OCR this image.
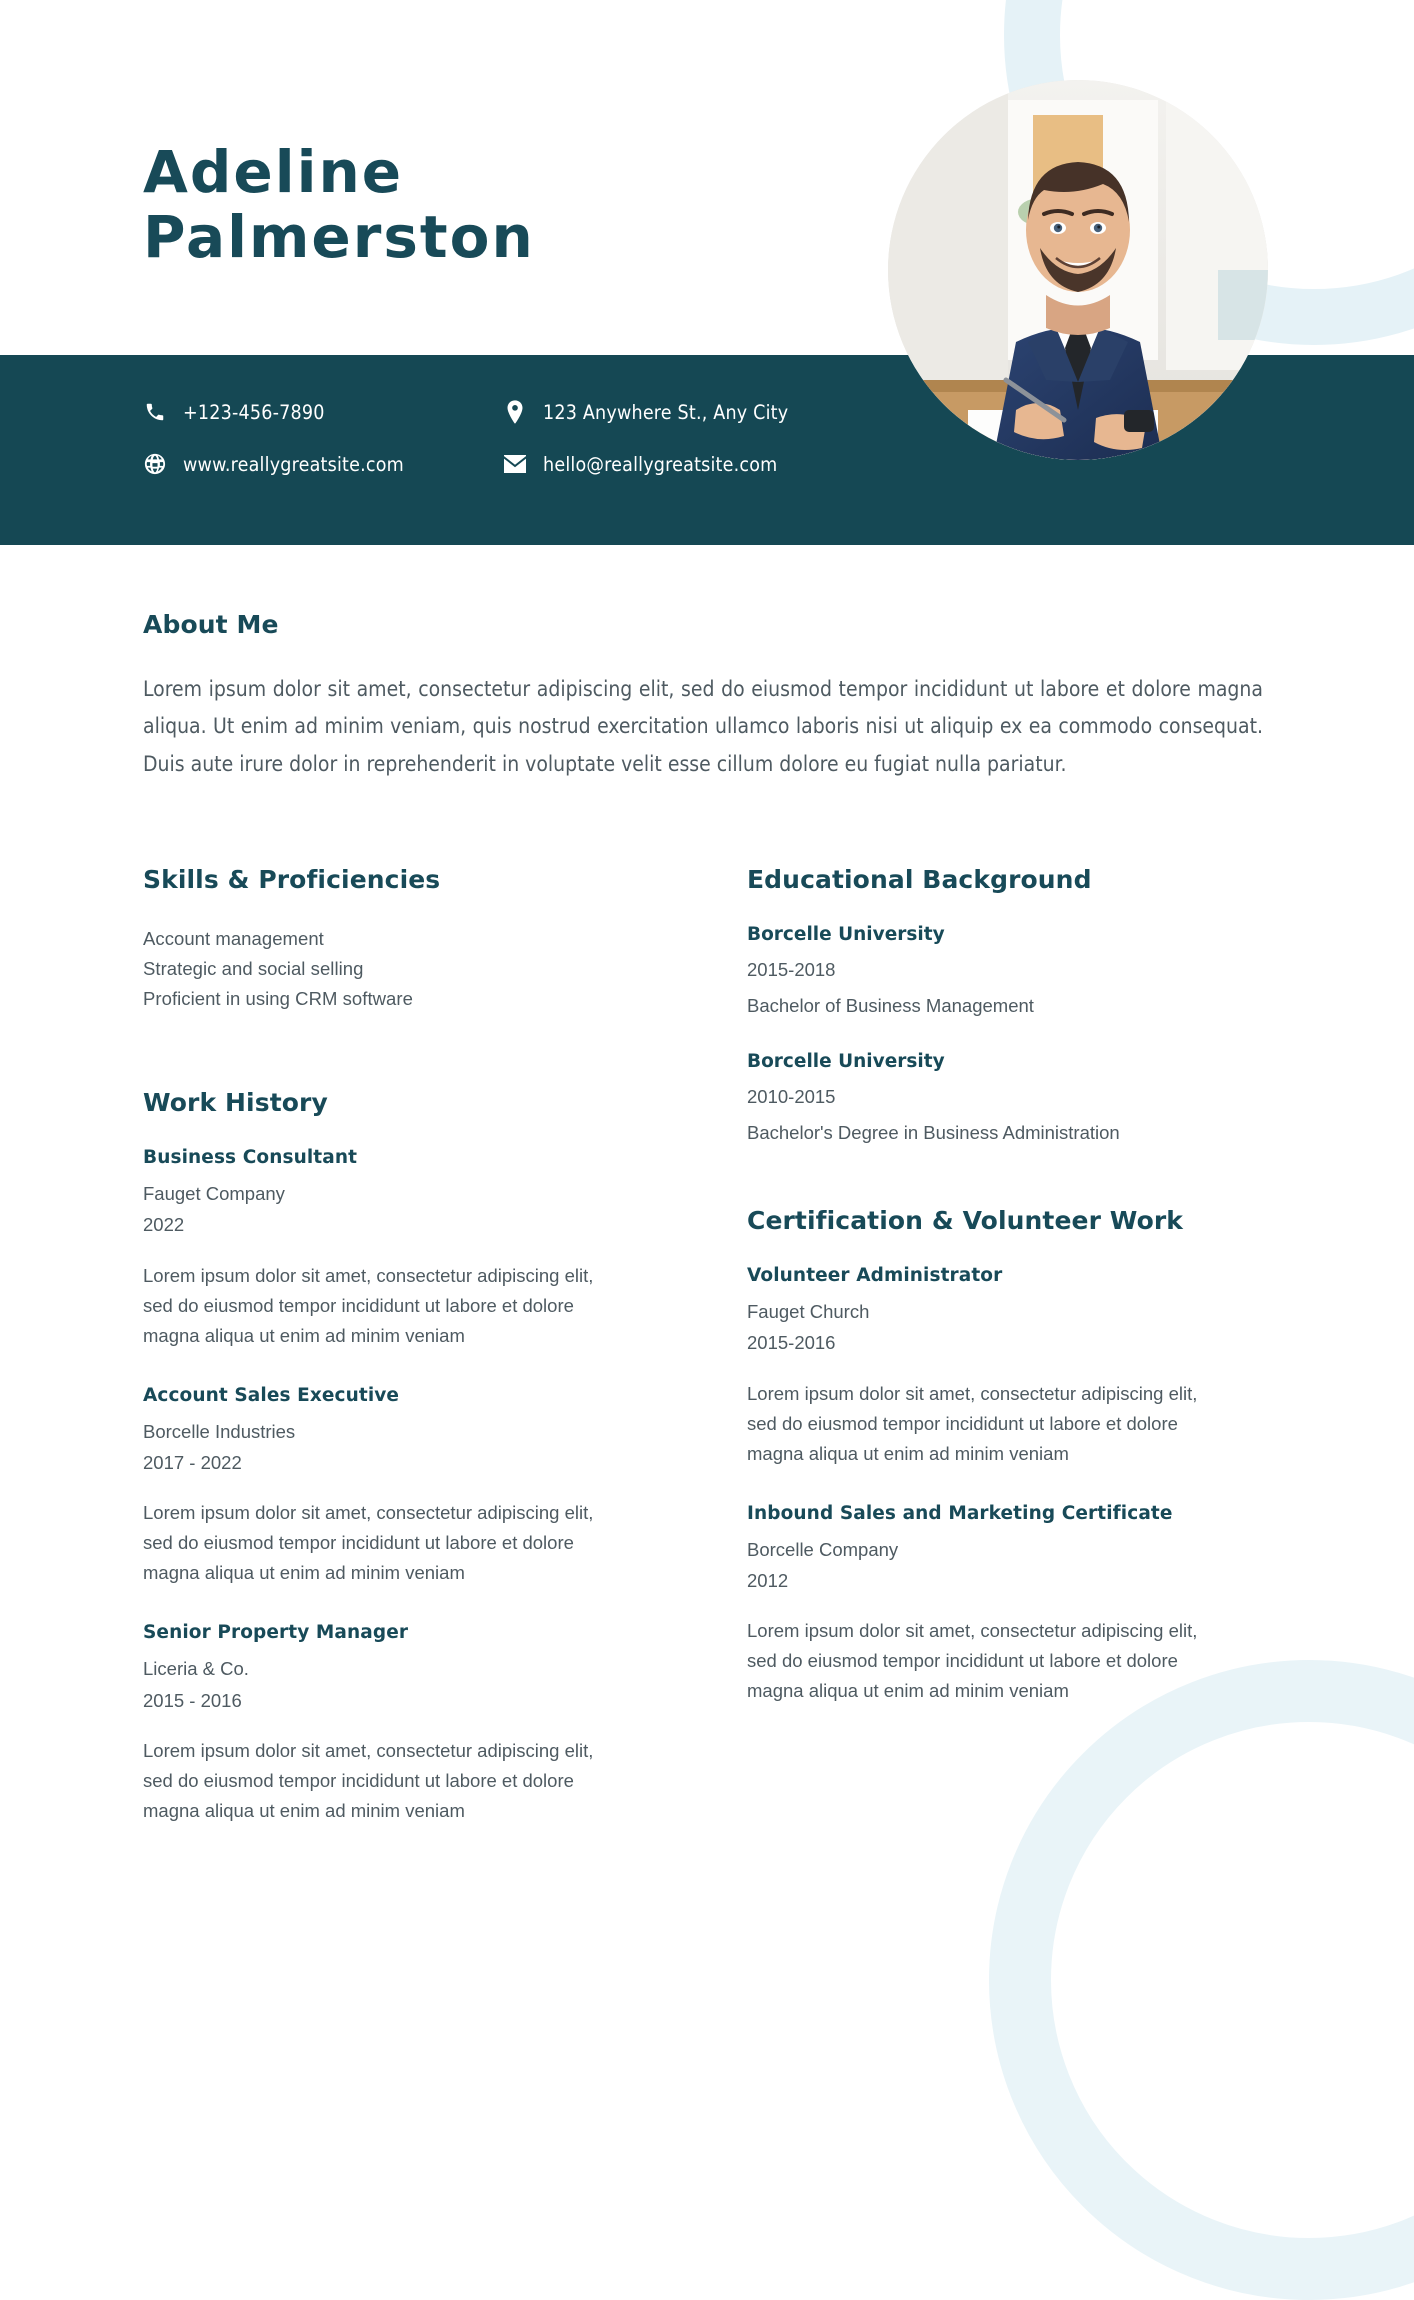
Adeline
Palmerston
+123-456-7890	123 Anywhere St., Any City
www.reallygreatsite.com	hello@reallygreatsite.com
About Me
Lorem ipsum dolor sit amet, consectetur adipiscing elit, sed do eiusmod tempor incididunt ut labore et dolore magna aliqua. Ut enim ad minim veniam, quis nostrud exercitation ullamco laboris nisi ut aliquip ex ea commodo consequat. Duis aute irure dolor in reprehenderit in voluptate velit esse cillum dolore eu fugiat nulla pariatur.
Skills & Proficiencies
Account management
Strategic and social selling
Proficient in using CRM software
Work History
Business Consultant
Fauget Company
2022
Lorem ipsum dolor sit amet, consectetur adipiscing elit, sed do eiusmod tempor incididunt ut labore et dolore magna aliqua ut enim ad minim veniam
Account Sales Executive
Borcelle Industries
2017 - 2022
Lorem ipsum dolor sit amet, consectetur adipiscing elit, sed do eiusmod tempor incididunt ut labore et dolore magna aliqua ut enim ad minim veniam
Senior Property Manager
Liceria & Co.
2015 - 2016
Lorem ipsum dolor sit amet, consectetur adipiscing elit, sed do eiusmod tempor incididunt ut labore et dolore magna aliqua ut enim ad minim veniam
Educational Background
Borcelle University
2015-2018
Bachelor of Business Management
Borcelle University
2010-2015
Bachelor's Degree in Business Administration
Certification & Volunteer Work
Volunteer Administrator
Fauget Church
2015-2016
Lorem ipsum dolor sit amet, consectetur adipiscing elit, sed do eiusmod tempor incididunt ut labore et dolore magna aliqua ut enim ad minim veniam
Inbound Sales and Marketing Certificate
Borcelle Company
2012
Lorem ipsum dolor sit amet, consectetur adipiscing elit, sed do eiusmod tempor incididunt ut labore et dolore magna aliqua ut enim ad minim veniam
